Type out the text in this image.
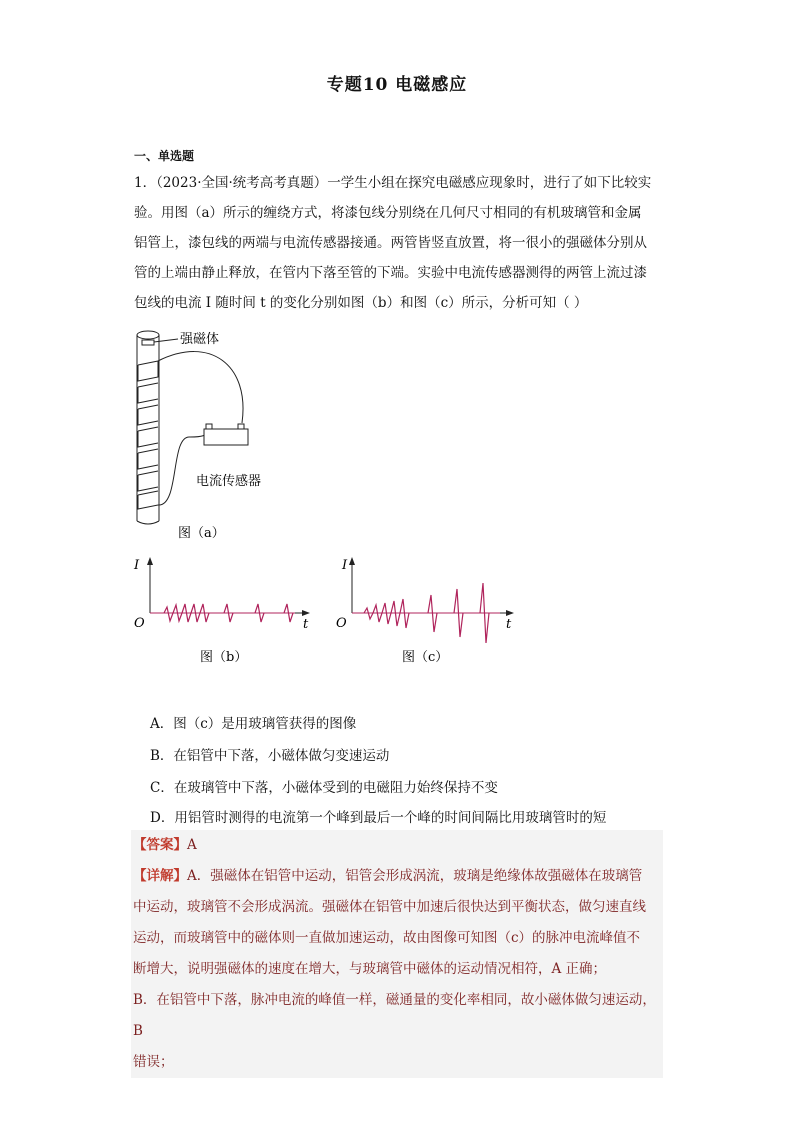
专题10 电磁感应
一、单选题

1．（2023·全国·统考高考真题）一学生小组在探究电磁感应现象时，进行了如下比较实

验。用图（a）所示的缠绕方式，将漆包线分别绕在几何尺寸相同的有机玻璃管和金属

铝管上，漆包线的两端与电流传感器接通。两管皆竖直放置，将一很小的强磁体分别从

管的上端由静止释放，在管内下落至管的下端。实验中电流传感器测得的两管上流过漆

包线的电流 I 随时间 t 的变化分别如图（b）和图（c）所示，分析可知（ ）

强磁体
电流传感器
图（a）
I
t
O
图（b）
I
t
O
图（c）
A．图（c）是用玻璃管获得的图像
B．在铝管中下落，小磁体做匀变速运动
C．在玻璃管中下落，小磁体受到的电磁阻力始终保持不变
D．用铝管时测得的电流第一个峰到最后一个峰的时间间隔比用玻璃管时的短

【答案】A

【详解】A．强磁体在铝管中运动，铝管会形成涡流，玻璃是绝缘体故强磁体在玻璃管

中运动，玻璃管不会形成涡流。强磁体在铝管中加速后很快达到平衡状态，做匀速直线

运动，而玻璃管中的磁体则一直做加速运动，故由图像可知图（c）的脉冲电流峰值不

断增大，说明强磁体的速度在增大，与玻璃管中磁体的运动情况相符，A 正确；

B．在铝管中下落，脉冲电流的峰值一样，磁通量的变化率相同，故小磁体做匀速运动，B

错误；
